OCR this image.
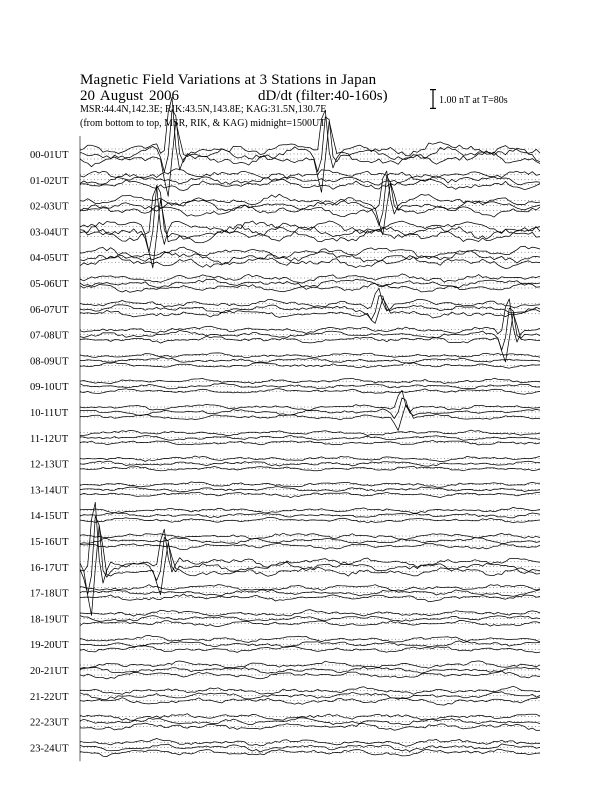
Magnetic Field Variations at 3 Stations in Japan
20 August 2006	dD/dt (filter:40-160s)
MSR:44.4N,142.3E; RIK:43.5N,143.8E; KAG:31.5N,130.7E
(from bottom to top, MSR, RIK, & KAG) midnight=1500UT
1.00 nT at T=80s
00-01UT
01-02UT
02-03UT
03-04UT
04-05UT
05-06UT
06-07UT
07-08UT
08-09UT
09-10UT
10-11UT
11-12UT
12-13UT
13-14UT
14-15UT
15-16UT
16-17UT
17-18UT
18-19UT
19-20UT
20-21UT
21-22UT
22-23UT
23-24UT
